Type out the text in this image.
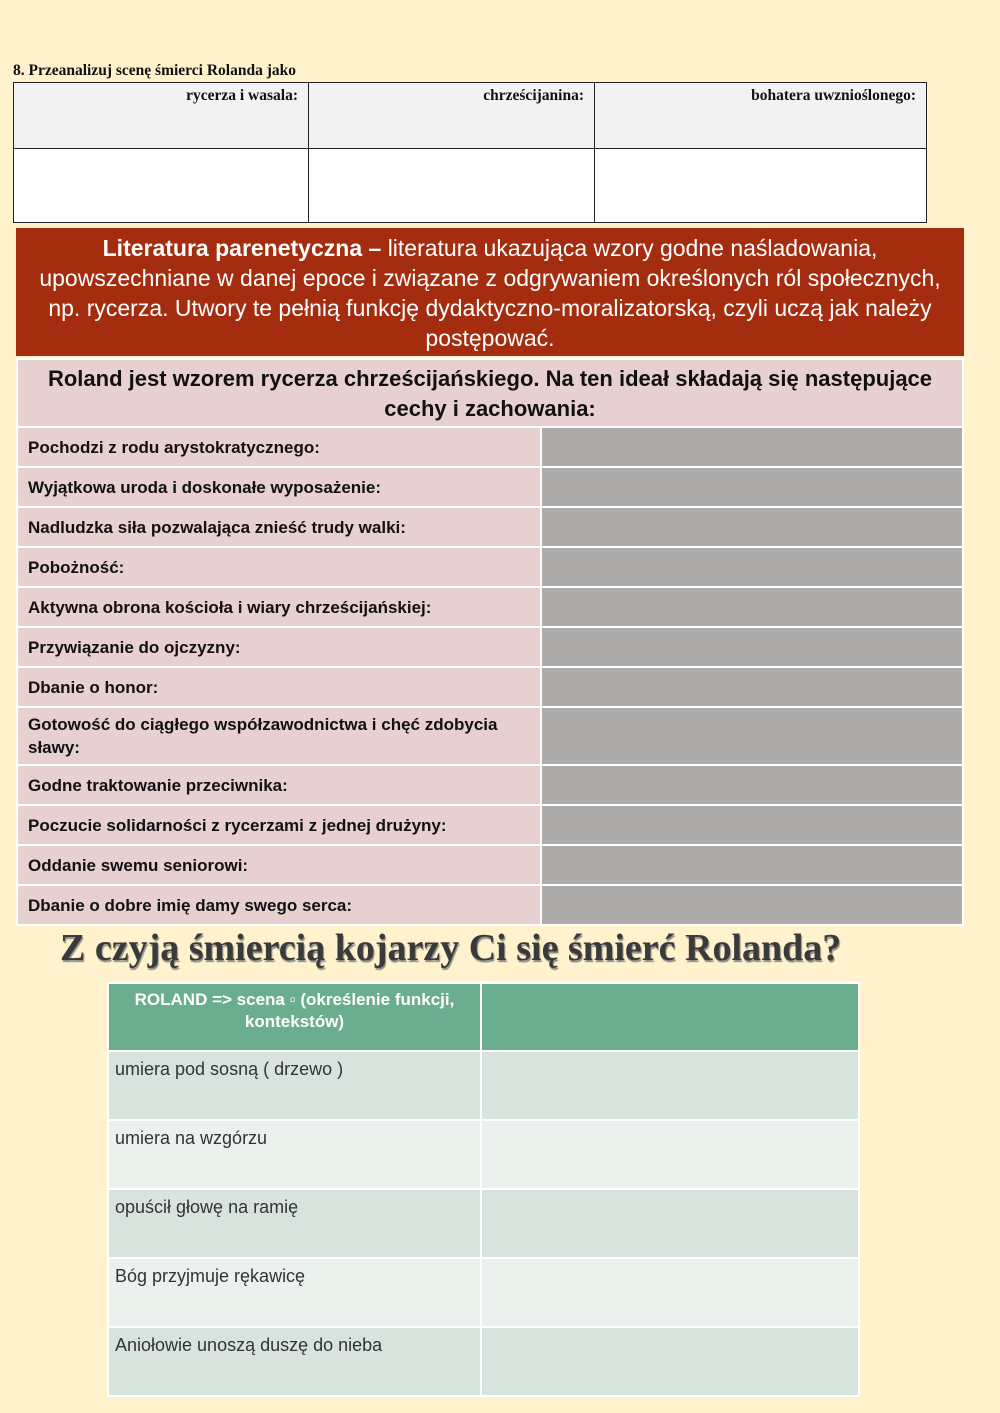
8. Przeanalizuj scenę śmierci Rolanda jako
rycerza i wasala:	chrześcijanina:	bohatera uwznioślonego:

Literatura parenetyczna – literatura ukazująca wzory godne naśladowania, upowszechniane w danej epoce i związane z odgrywaniem określonych ról społecznych, np. rycerza. Utwory te pełnią funkcję dydaktyczno-moralizatorską, czyli uczą jak należy postępować.
Roland jest wzorem rycerza chrześcijańskiego. Na ten ideał składają się następujące cechy i zachowania:	
Pochodzi z rodu arystokratycznego:	
Wyjątkowa uroda i doskonałe wyposażenie:	
Nadludzka siła pozwalająca znieść trudy walki:	
Pobożność:	
Aktywna obrona kościoła i wiary chrześcijańskiej:	
Przywiązanie do ojczyzny:	
Dbanie o honor:	
Gotowość do ciągłego współzawodnictwa i chęć zdobycia sławy:	
Godne traktowanie przeciwnika:	
Poczucie solidarności z rycerzami z jednej drużyny:	
Oddanie swemu seniorowi:	
Dbanie o dobre imię damy swego serca:	
Z czyją śmiercią kojarzy Ci się śmierć Rolanda?
ROLAND => scena ▫ (określenie funkcji, kontekstów)	
umiera pod sosną ( drzewo )	
umiera na wzgórzu	
opuścił głowę na ramię	
Bóg przyjmuje rękawicę	
Aniołowie unoszą duszę do nieba	
